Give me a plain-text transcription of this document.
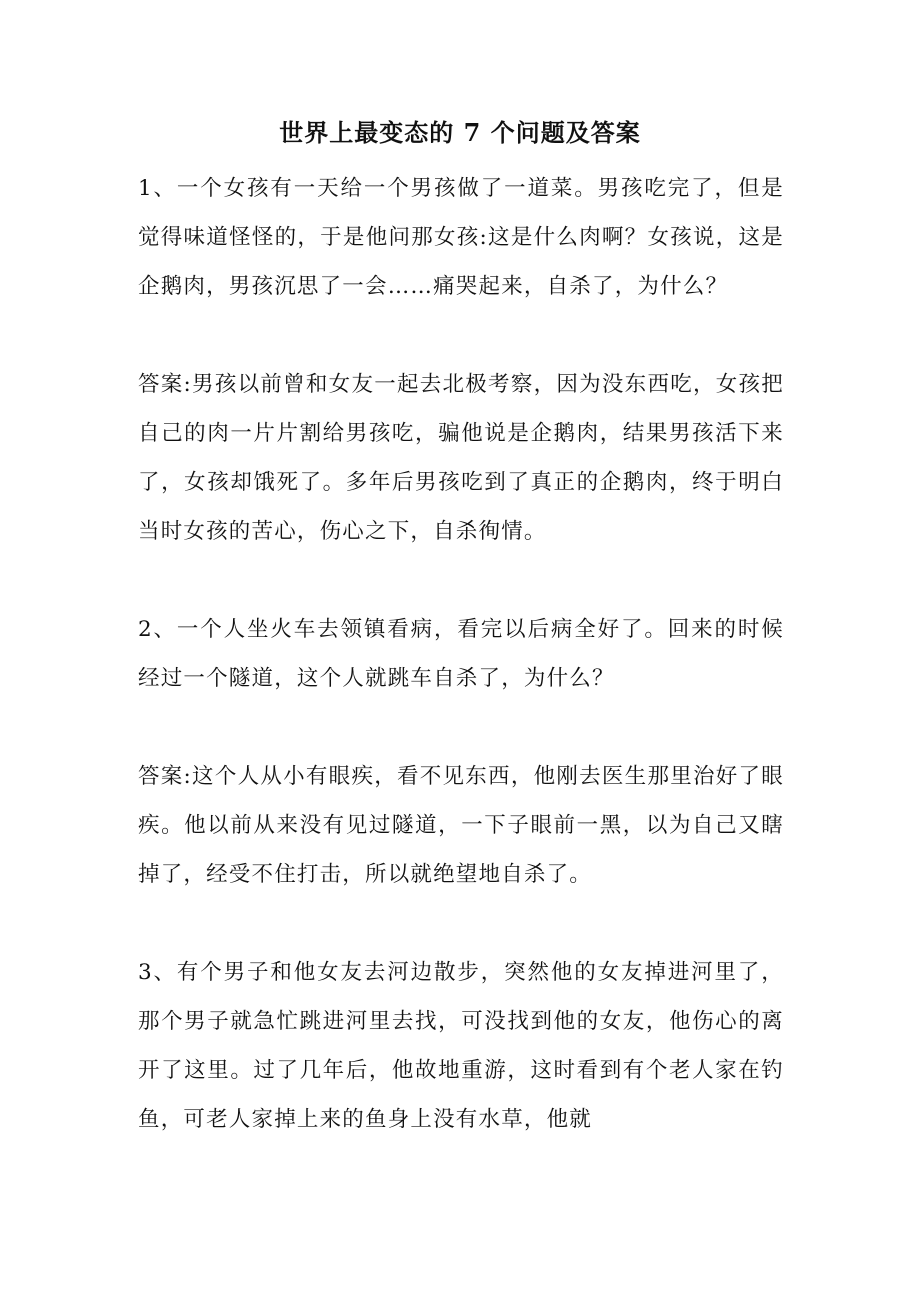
世界上最变态的 7 个问题及答案

1、一个女孩有一天给一个男孩做了一道菜。男孩吃完了，但是觉得味道怪怪的，于是他问那女孩:这是什么肉啊？女孩说，这是企鹅肉，男孩沉思了一会……痛哭起来，自杀了，为什么？

答案:男孩以前曾和女友一起去北极考察，因为没东西吃，女孩把自己的肉一片片割给男孩吃，骗他说是企鹅肉，结果男孩活下来了，女孩却饿死了。多年后男孩吃到了真正的企鹅肉，终于明白当时女孩的苦心，伤心之下，自杀徇情。

2、一个人坐火车去领镇看病，看完以后病全好了。回来的时候经过一个隧道，这个人就跳车自杀了，为什么？

答案:这个人从小有眼疾，看不见东西，他刚去医生那里治好了眼疾。他以前从来没有见过隧道，一下子眼前一黑，以为自己又瞎掉了，经受不住打击，所以就绝望地自杀了。

3、有个男子和他女友去河边散步，突然他的女友掉进河里了，那个男子就急忙跳进河里去找，可没找到他的女友，他伤心的离开了这里。过了几年后，他故地重游，这时看到有个老人家在钓鱼，可老人家掉上来的鱼身上没有水草，他就
